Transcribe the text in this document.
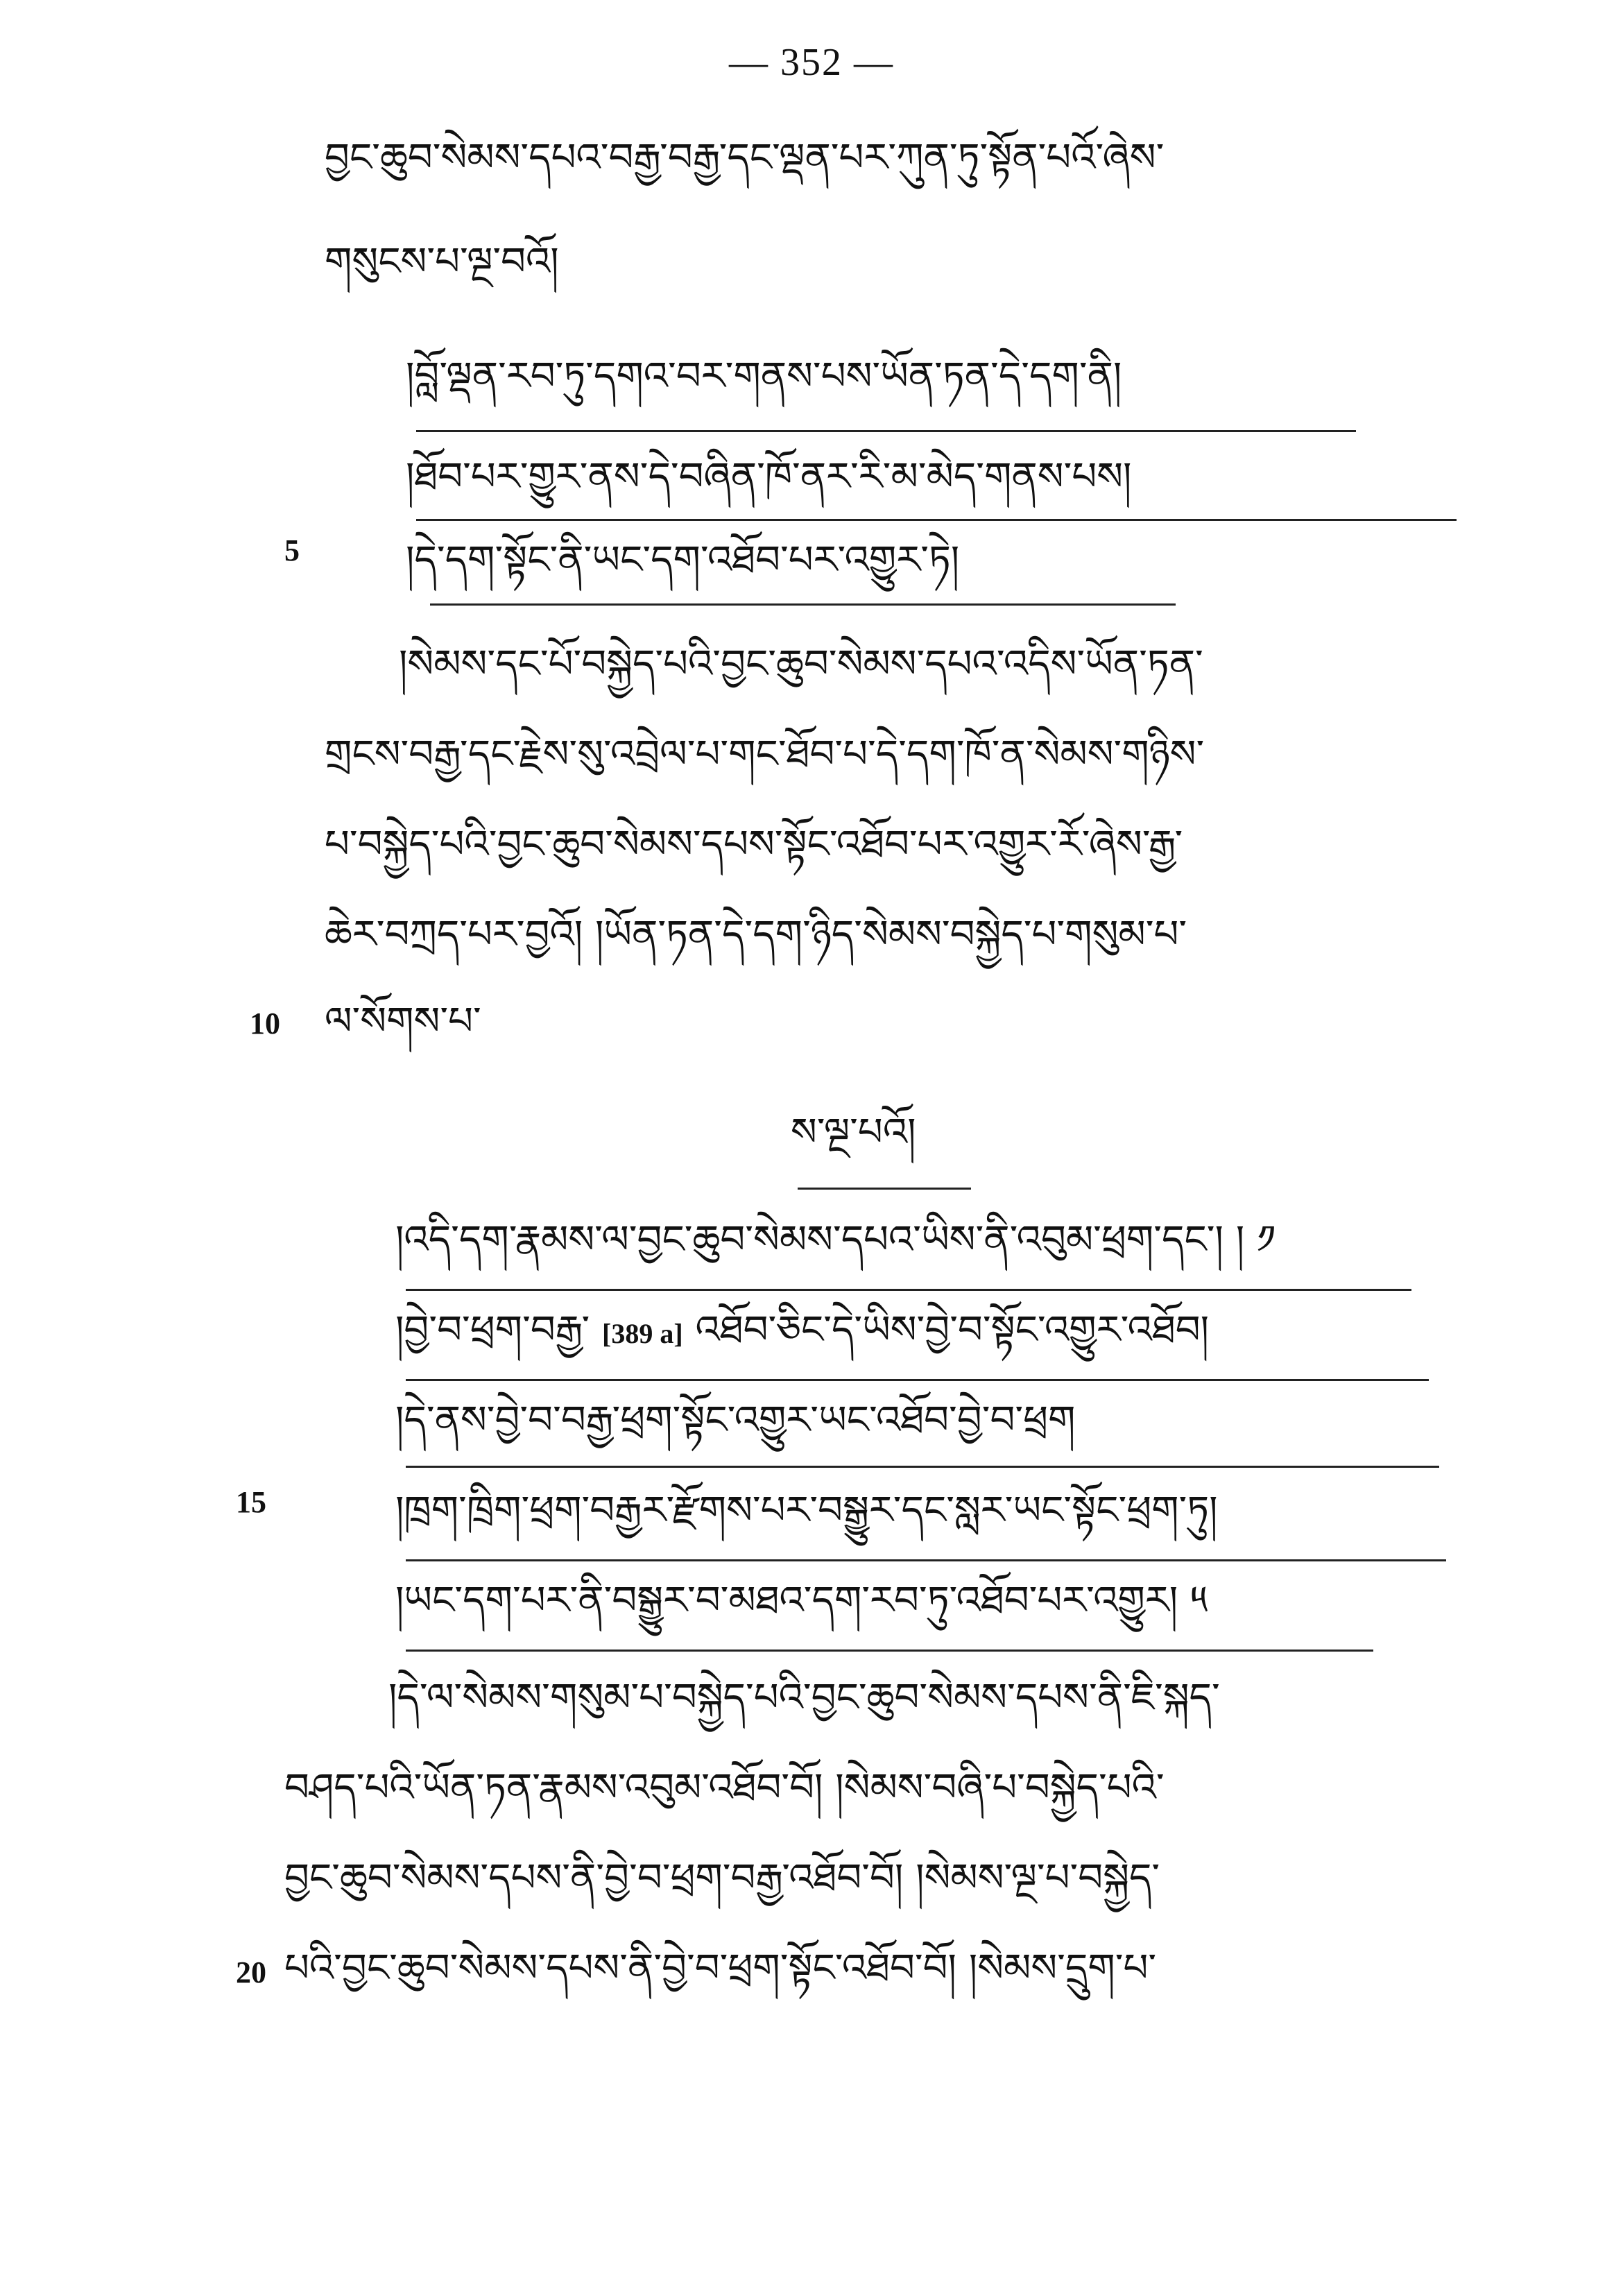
— 352 —
བྱང་ཆུབ་སེམས་དཔའ་བརྒྱ་བརྒྱ་དང་ལྡན་པར་ཀུན་ཏུ་སྟོན་པའོ་ཞེས་
གསུངས་པ་ལྔ་བའོ།
།བློ་ལྡན་རབ་ཏུ་དགའ་བར་གནས་པས་ཡོན་ཏན་དེ་དག་ནི།
།ཐོབ་པར་གྱུར་ནས་དེ་བཞིན་ཁོ་ནར་རི་མ་མེད་གནས་པས།
5	།དེ་དག་སྟོང་ནི་ཡང་དག་འཐོབ་པར་འགྱུར་ཏེ།
།སེམས་དང་པོ་བསྐྱེད་པའི་བྱང་ཆུབ་སེམས་དཔའ་འདིས་ཡོན་ཏན་
གྲངས་བརྒྱ་དང་རྗེས་སུ་འབྲེལ་པ་གང་ཐོབ་པ་དེ་དག་ཁོ་ན་སེམས་གཉིས་
པ་བསྐྱེད་པའི་བྱང་ཆུབ་སེམས་དཔས་སྟོང་འཐོབ་པར་འགྱུར་རོ་ཞེས་རྒྱ་
ཆེར་བཀྲད་པར་བྱའོ། །ཡོན་ཏན་དེ་དག་ཉིད་སེམས་བསྐྱེད་པ་གསུམ་པ་
10 ལ་སོགས་པ་
ས་ལྔ་པའོ།
།འདི་དག་རྣམས་ལ་བྱང་ཆུབ་སེམས་དཔའ་ཡིས་ནི་འབུམ་ཕྲག་དང་། ། ༡
།བྱེ་བ་ཕྲག་བརྒྱ་ [389 a] འཐོབ་ཅིང་དེ་ཡིས་བྱེ་བ་སྟོང་འགྱུར་འཐོབ།
།དེ་ནས་བྱེ་བ་བརྒྱ་ཕྲག་སྟོང་འགྱུར་ཡང་འཐོབ་བྱེ་བ་ཕྲག
15	།ཁྲག་ཁྲིག་ཕྲག་བརྒྱར་རྫོགས་པར་བསྒྱུར་དང་སླར་ཡང་སྟོང་ཕྲག་ཏུ།
།ཡང་དག་པར་ནི་བསྒྱུར་བ་མཐའ་དག་རབ་ཏུ་འཐོབ་པར་འགྱུར། ༥
།དེ་ལ་སེམས་གསུམ་པ་བསྐྱེད་པའི་བྱང་ཆུབ་སེམས་དཔས་ནི་ཇི་སྐད་
བཤད་པའི་ཡོན་ཏན་རྣམས་འབུམ་འཐོབ་བོ། །སེམས་བཞི་པ་བསྐྱེད་པའི་
བྱང་ཆུབ་སེམས་དཔས་ནི་བྱེ་བ་ཕྲག་བརྒྱ་འཐོབ་བོ། །སེམས་ལྔ་པ་བསྐྱེད་
20 པའི་བྱང་ཆུབ་སེམས་དཔས་ནི་བྱེ་བ་ཕྲག་སྟོང་འཐོབ་བོ། །སེམས་དྲུག་པ་
